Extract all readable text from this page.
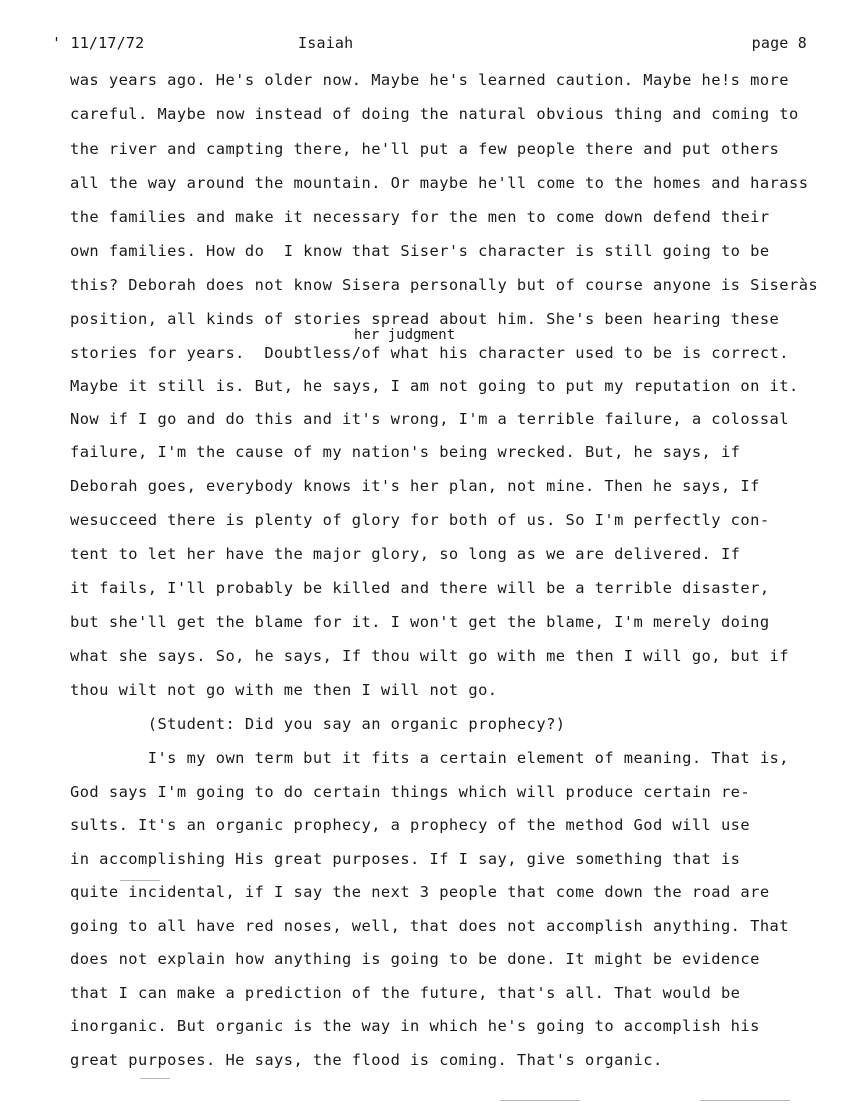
' 11/17/72	Isaiah	page 8
her judgment
was years ago. He's older now. Maybe he's learned caution. Maybe he!s more
careful. Maybe now instead of doing the natural obvious thing and coming to
the river and campting there, he'll put a few people there and put others
all the way around the mountain. Or maybe he'll come to the homes and harass
the families and make it necessary for the men to come down defend their
own families. How do  I know that Siser's character is still going to be
this? Deborah does not know Sisera personally but of course anyone is Siseràs
position, all kinds of stories spread about him. She's been hearing these
stories for years.  Doubtless/of what his character used to be is correct.
Maybe it still is. But, he says, I am not going to put my reputation on it.
Now if I go and do this and it's wrong, I'm a terrible failure, a colossal
failure, I'm the cause of my nation's being wrecked. But, he says, if
Deborah goes, everybody knows it's her plan, not mine. Then he says, If
wesucceed there is plenty of glory for both of us. So I'm perfectly con-
tent to let her have the major glory, so long as we are delivered. If
it fails, I'll probably be killed and there will be a terrible disaster,
but she'll get the blame for it. I won't get the blame, I'm merely doing
what she says. So, he says, If thou wilt go with me then I will go, but if
thou wilt not go with me then I will not go.
(Student: Did you say an organic prophecy?)
I's my own term but it fits a certain element of meaning. That is,
God says I'm going to do certain things which will produce certain re-
sults. It's an organic prophecy, a prophecy of the method God will use
in accomplishing His great purposes. If I say, give something that is
quite incidental, if I say the next 3 people that come down the road are
going to all have red noses, well, that does not accomplish anything. That
does not explain how anything is going to be done. It might be evidence
that I can make a prediction of the future, that's all. That would be
inorganic. But organic is the way in which he's going to accomplish his
great purposes. He says, the flood is coming. That's organic.
